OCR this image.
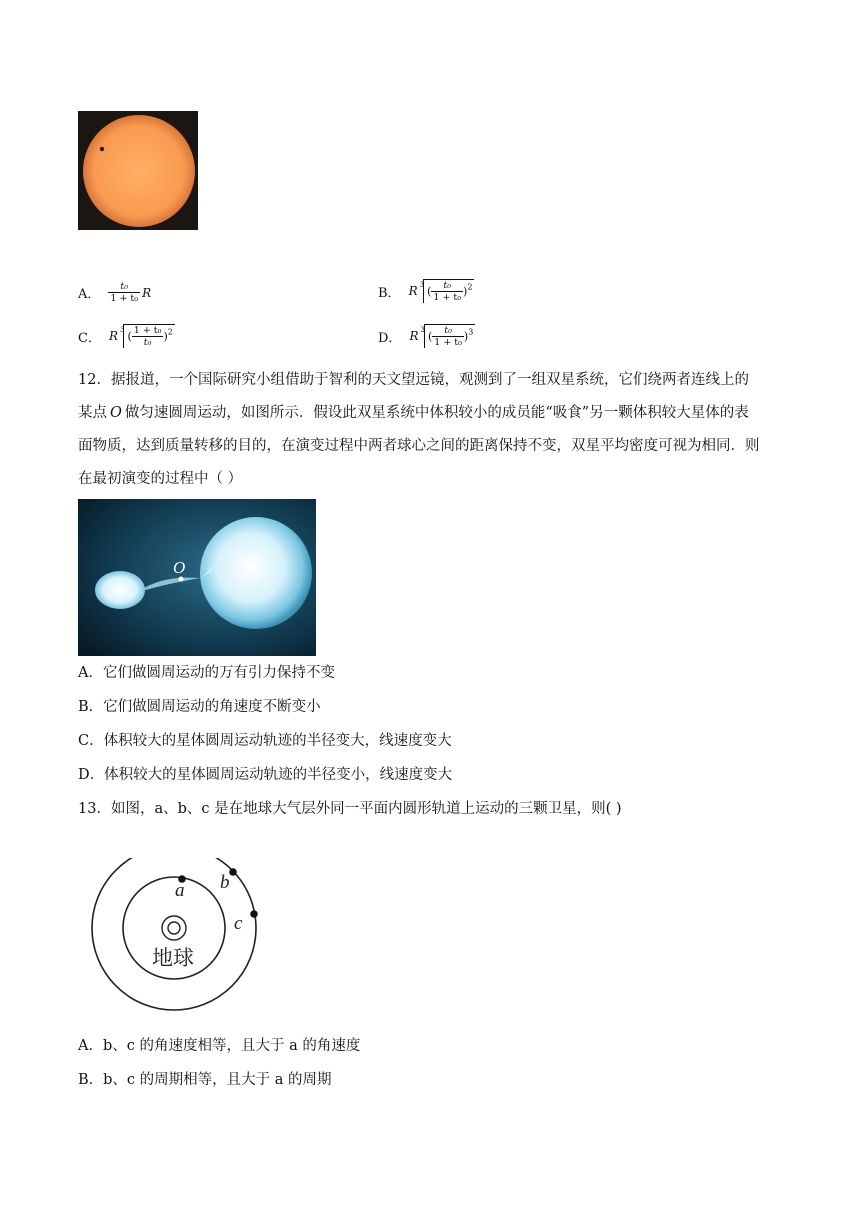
A． $\frac{\text{t₀}}{\text{1 + t₀}}$ R	B． R 3 ( $\frac{\text{t₀}}{\text{1 + t₀}} )^2$
C． R 3 ( $\frac{\text{1 + t₀}}{\text{t₀}} )^2$	D． R 3 ( $\frac{\text{t₀}}{\text{1 + t₀}} )^3$
12．据报道，一个国际研究小组借助于智利的天文望远镜，观测到了一组双星系统，它们绕两者连线上的
某点 O 做匀速圆周运动，如图所示．假设此双星系统中体积较小的成员能“吸食”另一颗体积较大星体的表
面物质，达到质量转移的目的，在演变过程中两者球心之间的距离保持不变，双星平均密度可视为相同．则
在最初演变的过程中（ ）
O
A．它们做圆周运动的万有引力保持不变
B．它们做圆周运动的角速度不断变小
C．体积较大的星体圆周运动轨迹的半径变大，线速度变大
D．体积较大的星体圆周运动轨迹的半径变小，线速度变大
13．如图，a、b、c 是在地球大气层外同一平面内圆形轨道上运动的三颗卫星，则( )
a b
c
地球
A．b、c 的角速度相等，且大于 a 的角速度
B．b、c 的周期相等，且大于 a 的周期
